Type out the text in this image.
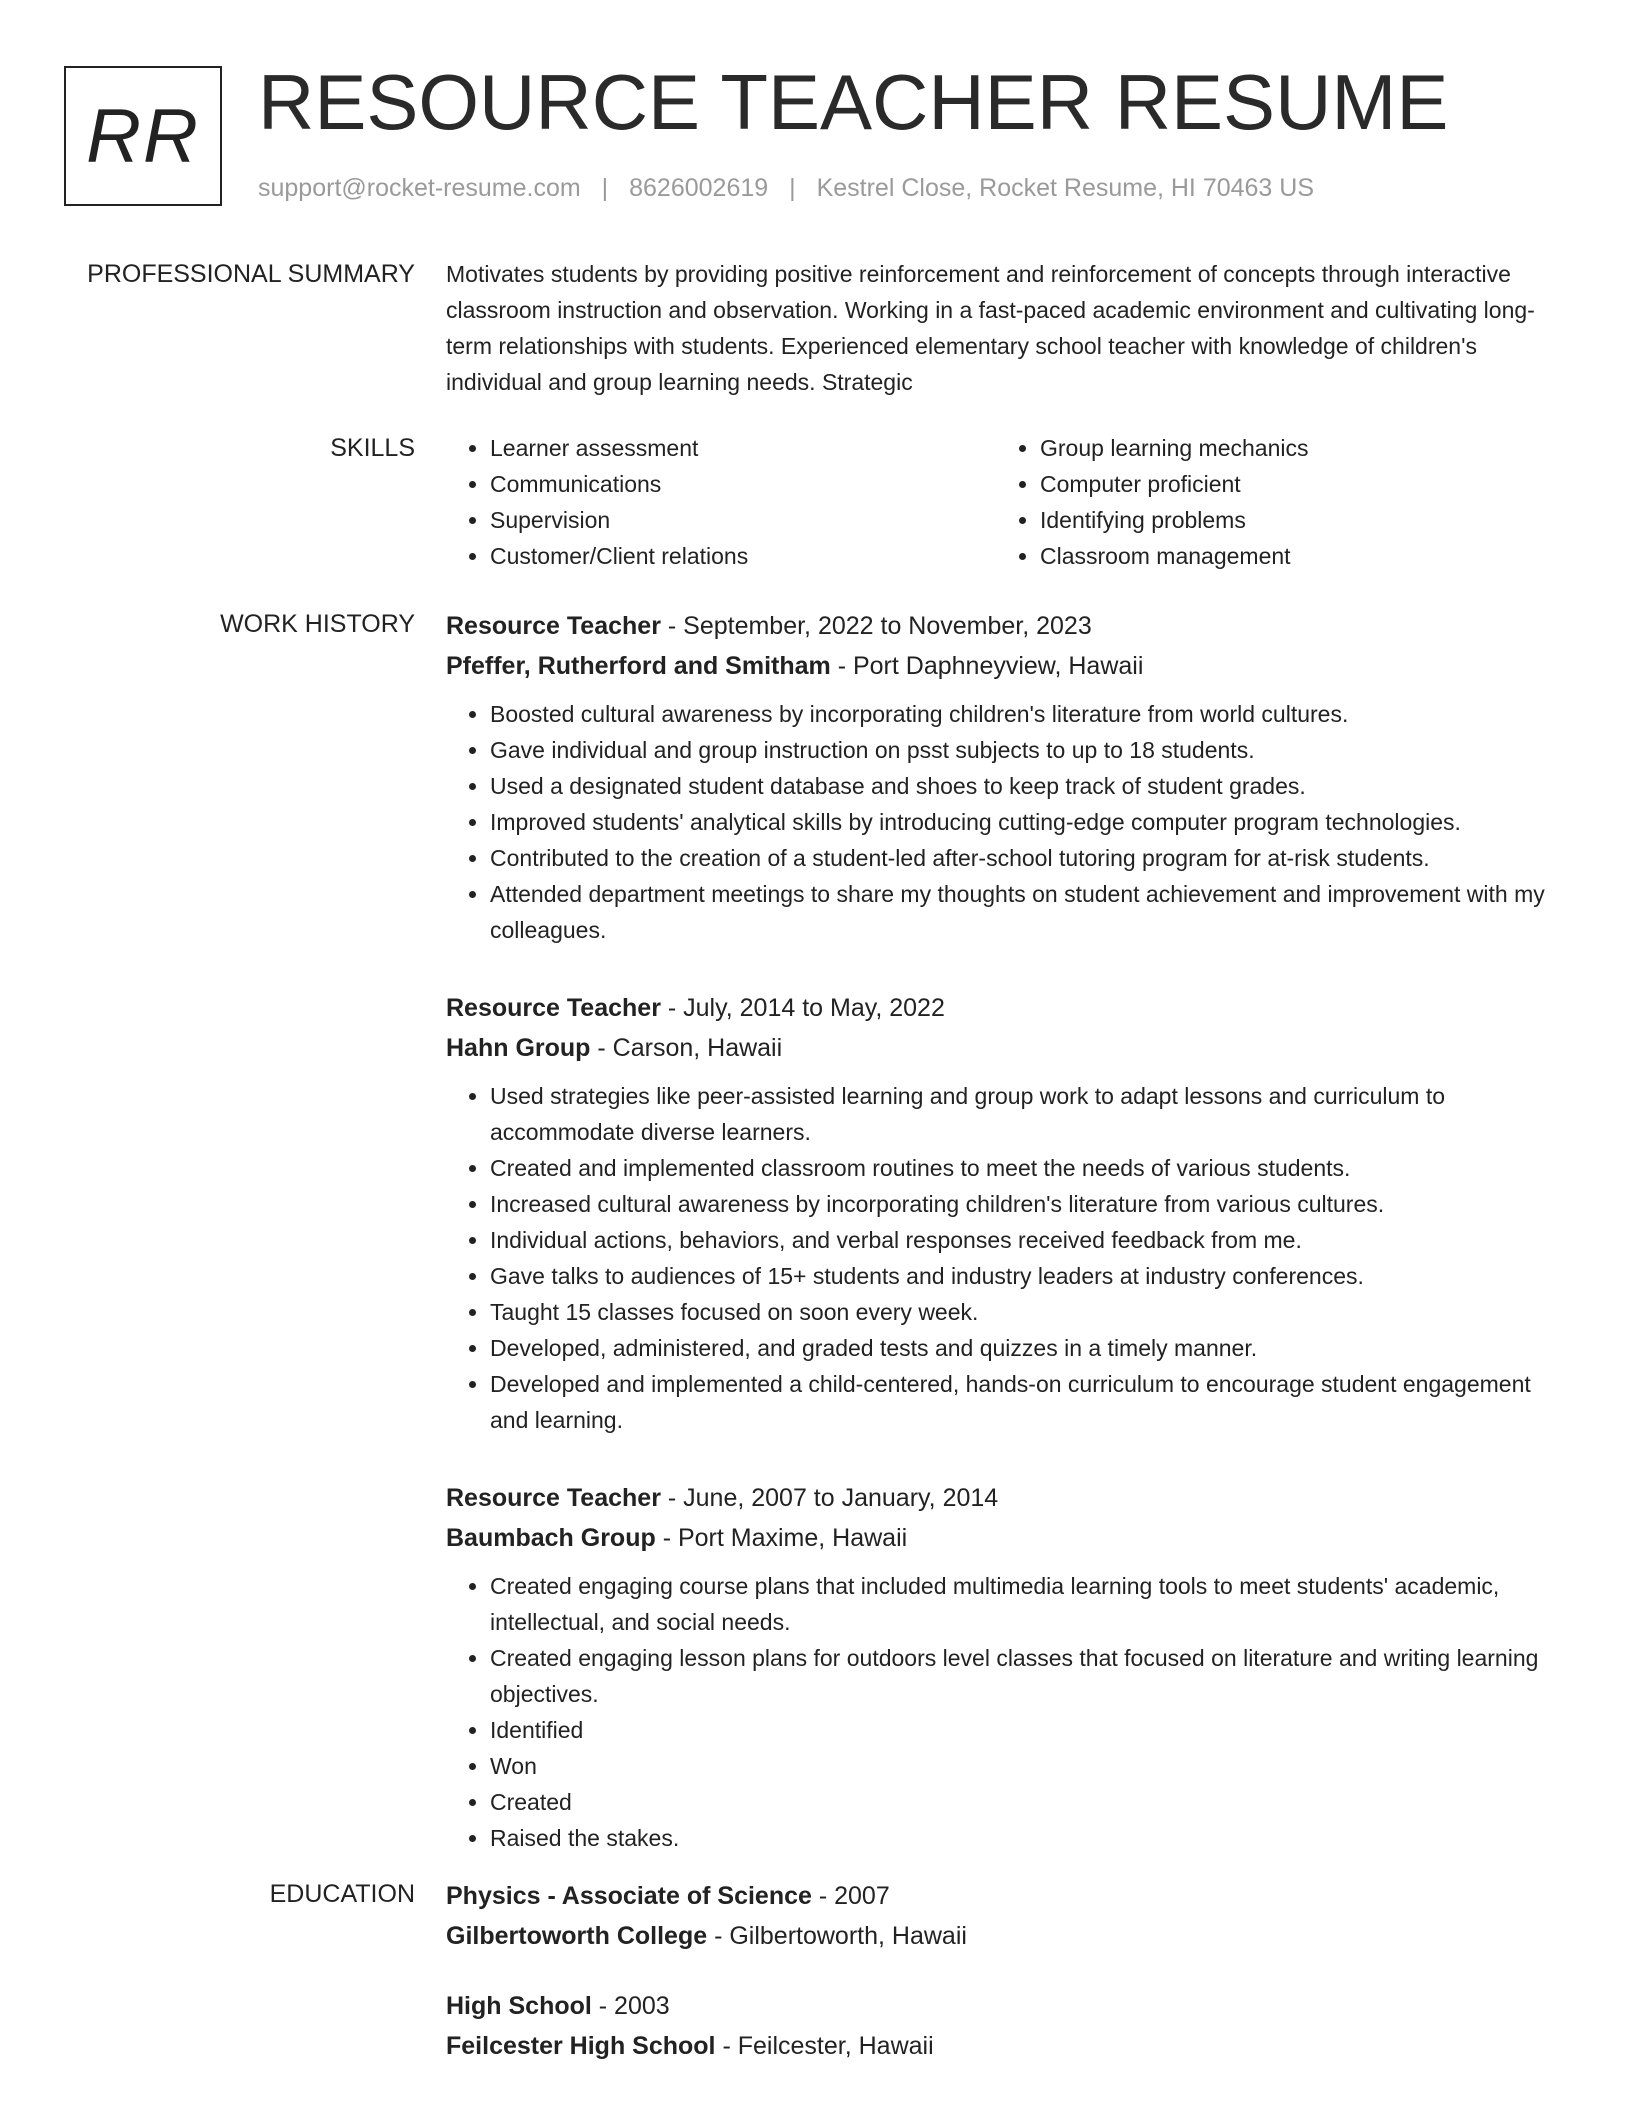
RR RESOURCE TEACHER RESUME
support@rocket-resume.com | 8626002619 | Kestrel Close, Rocket Resume, HI 70463 US
PROFESSIONAL SUMMARY Motivates students by providing positive reinforcement and reinforcement of concepts through interactive classroom instruction and observation. Working in a fast-paced academic environment and cultivating long-term relationships with students. Experienced elementary school teacher with knowledge of children's individual and group learning needs. Strategic

SKILLS
•	Learner assessment
• Communications
• Supervision
• Customer/Client relations
• Group learning mechanics
• Computer proficient
• Identifying problems
• Classroom management
WORK HISTORY Resource Teacher - September, 2022 to November, 2023
Pfeffer, Rutherford and Smitham - Port Daphneyview, Hawaii
• Boosted cultural awareness by incorporating children's literature from world cultures.
• Gave individual and group instruction on psst subjects to up to 18 students.
• Used a designated student database and shoes to keep track of student grades.
• Improved students' analytical skills by introducing cutting-edge computer program technologies.
• Contributed to the creation of a student-led after-school tutoring program for at-risk students.
• Attended department meetings to share my thoughts on student achievement and improvement with my colleagues.
Resource Teacher - July, 2014 to May, 2022
Hahn Group - Carson, Hawaii
• Used strategies like peer-assisted learning and group work to adapt lessons and curriculum to accommodate diverse learners.
• Created and implemented classroom routines to meet the needs of various students.
• Increased cultural awareness by incorporating children's literature from various cultures.
• Individual actions, behaviors, and verbal responses received feedback from me.
• Gave talks to audiences of 15+ students and industry leaders at industry conferences.
• Taught 15 classes focused on soon every week.
• Developed, administered, and graded tests and quizzes in a timely manner.
• Developed and implemented a child-centered, hands-on curriculum to encourage student engagement and learning.
Resource Teacher - June, 2007 to January, 2014
Baumbach Group - Port Maxime, Hawaii
• Created engaging course plans that included multimedia learning tools to meet students' academic, intellectual, and social needs.
• Created engaging lesson plans for outdoors level classes that focused on literature and writing learning objectives.
• Identified
• Won
• Created
• Raised the stakes.
EDUCATION Physics - Associate of Science - 2007
Gilbertoworth College - Gilbertoworth, Hawaii
High School - 2003
Feilcester High School - Feilcester, Hawaii
